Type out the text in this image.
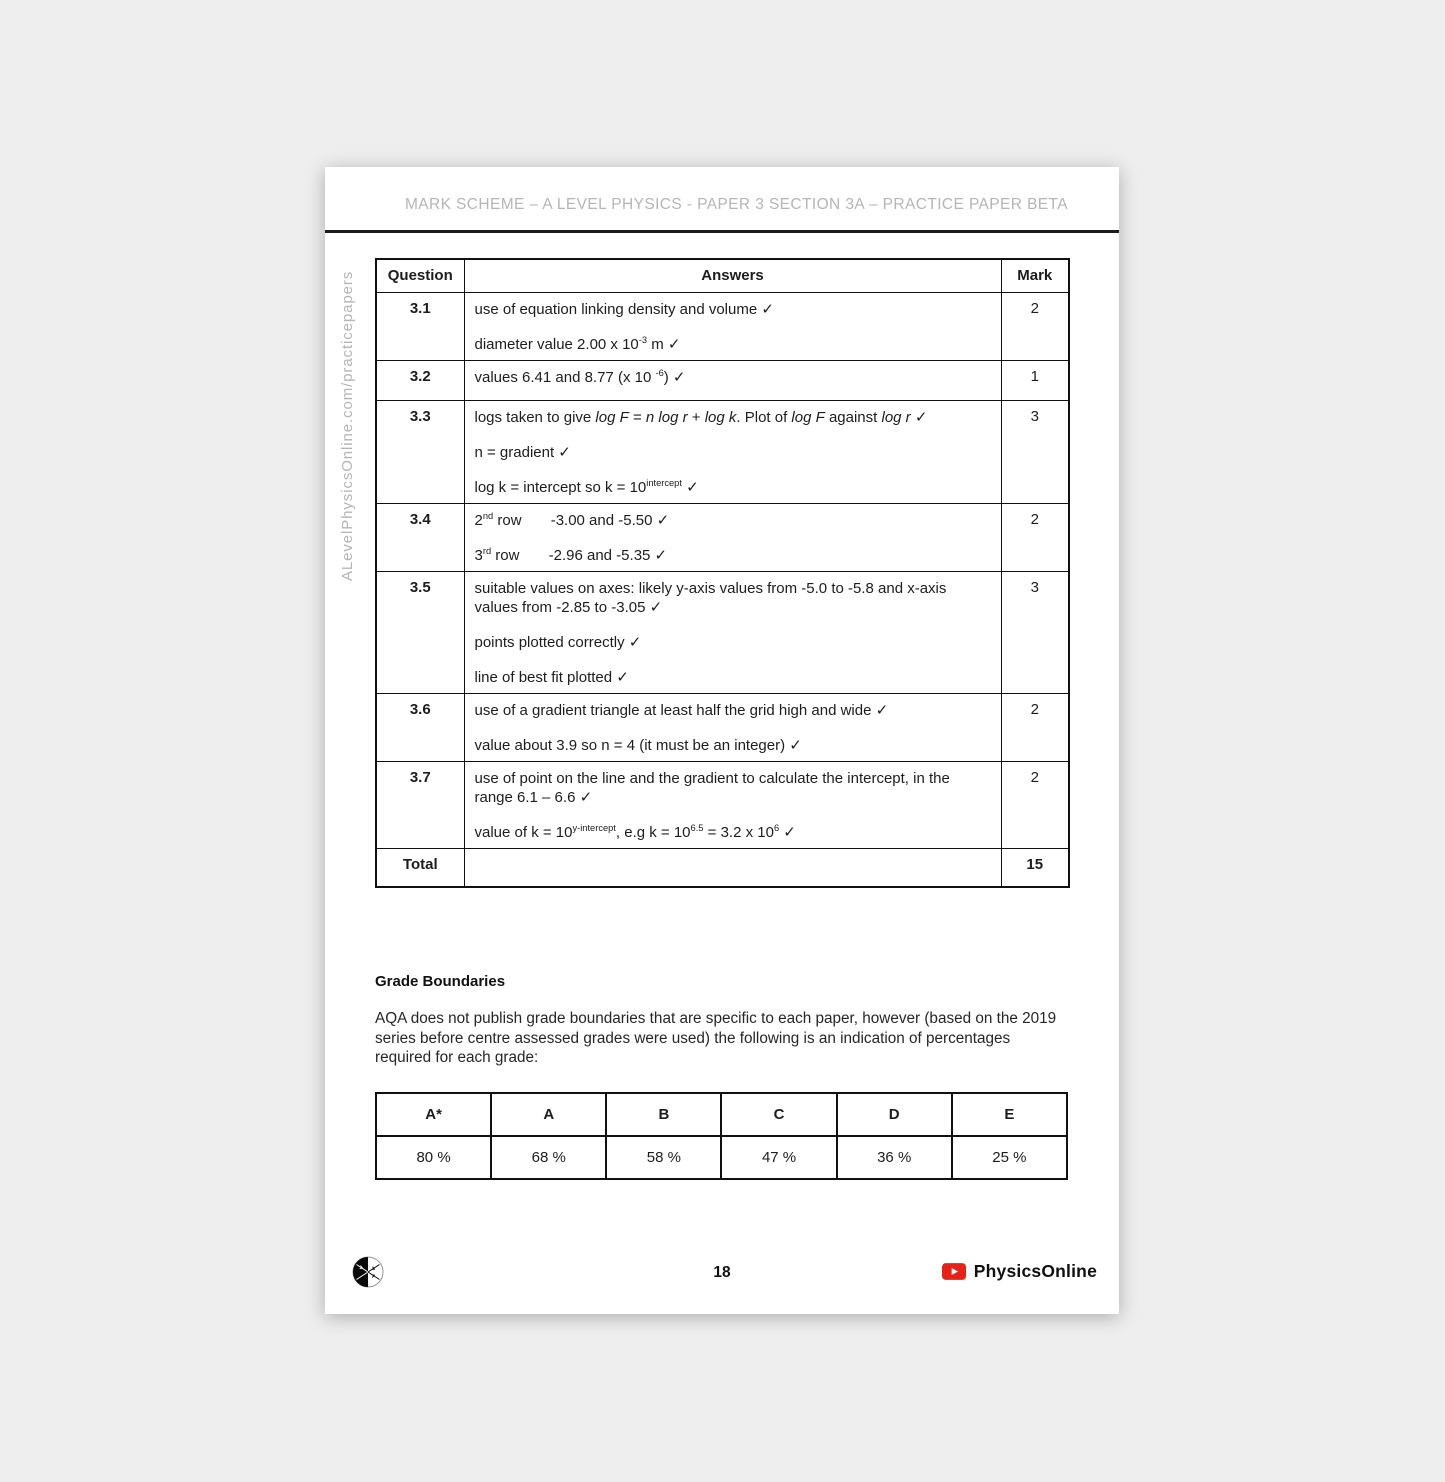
MARK SCHEME – A LEVEL PHYSICS - PAPER 3 SECTION 3A – PRACTICE PAPER BETA
ALevelPhysicsOnline.com/practicepapers Question	Answers	Mark
3.1	use of equation linking density and volume ✓

diameter value 2.00 x $10^{-3}$ m ✓	2
3.2	values 6.41 and 8.77 (x 10 $^{-6}$) ✓	1
3.3	logs taken to give log F = n log r + log k. Plot of log F against log r ✓

n = gradient ✓

log k = intercept so $k = 10^{intercept}$ ✓	3
3.4	2nd row       -3.00 and -5.50 ✓

3rd row       -2.96 and -5.35 ✓	2
3.5	suitable values on axes: likely y-axis values from -5.0 to -5.8 and x-axis values from -2.85 to -3.05 ✓

points plotted correctly ✓

line of best fit plotted ✓	3
3.6	use of a gradient triangle at least half the grid high and wide ✓

value about 3.9 so n = 4 (it must be an integer) ✓	2
3.7	use of point on the line and the gradient to calculate the intercept, in the range 6.1 – 6.6 ✓

value of $k = 10^{y-intercept}$, e.g $k = 10^{6.5} = 3.2$ x $10^6$ ✓	2
Total		15
Grade Boundaries

AQA does not publish grade boundaries that are specific to each paper, however (based on the 2019 series before centre assessed grades were used) the following is an indication of percentages required for each grade:

A*	A	B	C	D	E
80 %	68 %	58 %	47 %	36 %	25 %
18	PhysicsOnline
